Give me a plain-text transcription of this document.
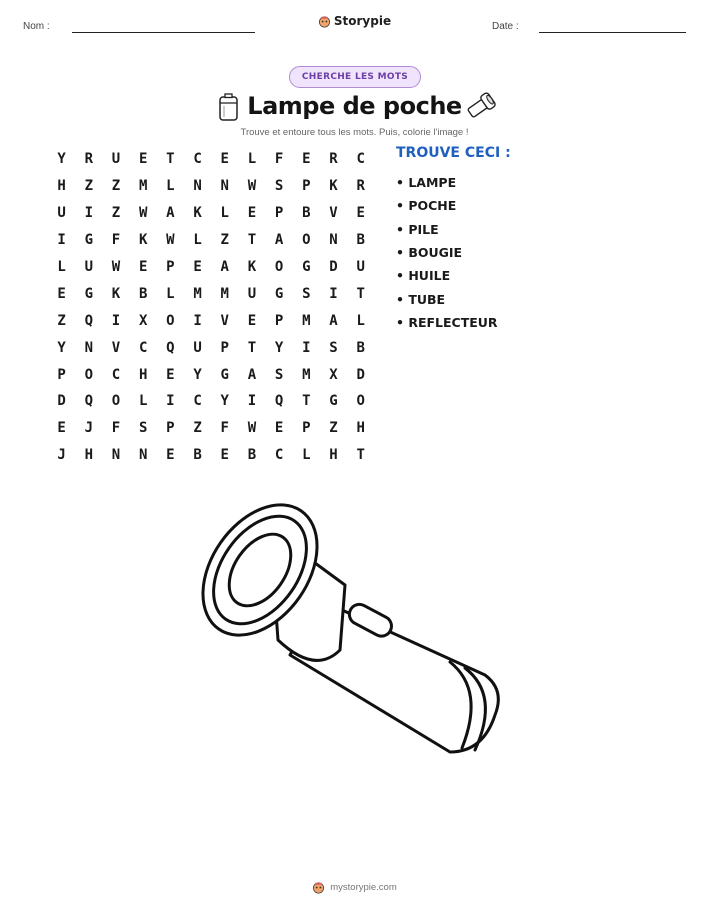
Nom :	Storypie	Date :
CHERCHE LES MOTS
Lampe de poche
Trouve et entoure tous les mots. Puis, colorie l'image !
Y	R	U	E	T	C	E	L	F	E	R	C
H	Z	Z	M	L	N	N	W	S	P	K	R
U	I	Z	W	A	K	L	E	P	B	V	E
I	G	F	K	W	L	Z	T	A	O	N	B
L	U	W	E	P	E	A	K	O	G	D	U
E	G	K	B	L	M	M	U	G	S	I	T
Z	Q	I	X	O	I	V	E	P	M	A	L
Y	N	V	C	Q	U	P	T	Y	I	S	B
P	O	C	H	E	Y	G	A	S	M	X	D
D	Q	O	L	I	C	Y	I	Q	T	G	O
E	J	F	S	P	Z	F	W	E	P	Z	H
J	H	N	N	E	B	E	B	C	L	H	T
TROUVE CECI :
• LAMPE
• POCHE
• PILE
• BOUGIE
• HUILE
• TUBE
• REFLECTEUR
mystorypie.com
